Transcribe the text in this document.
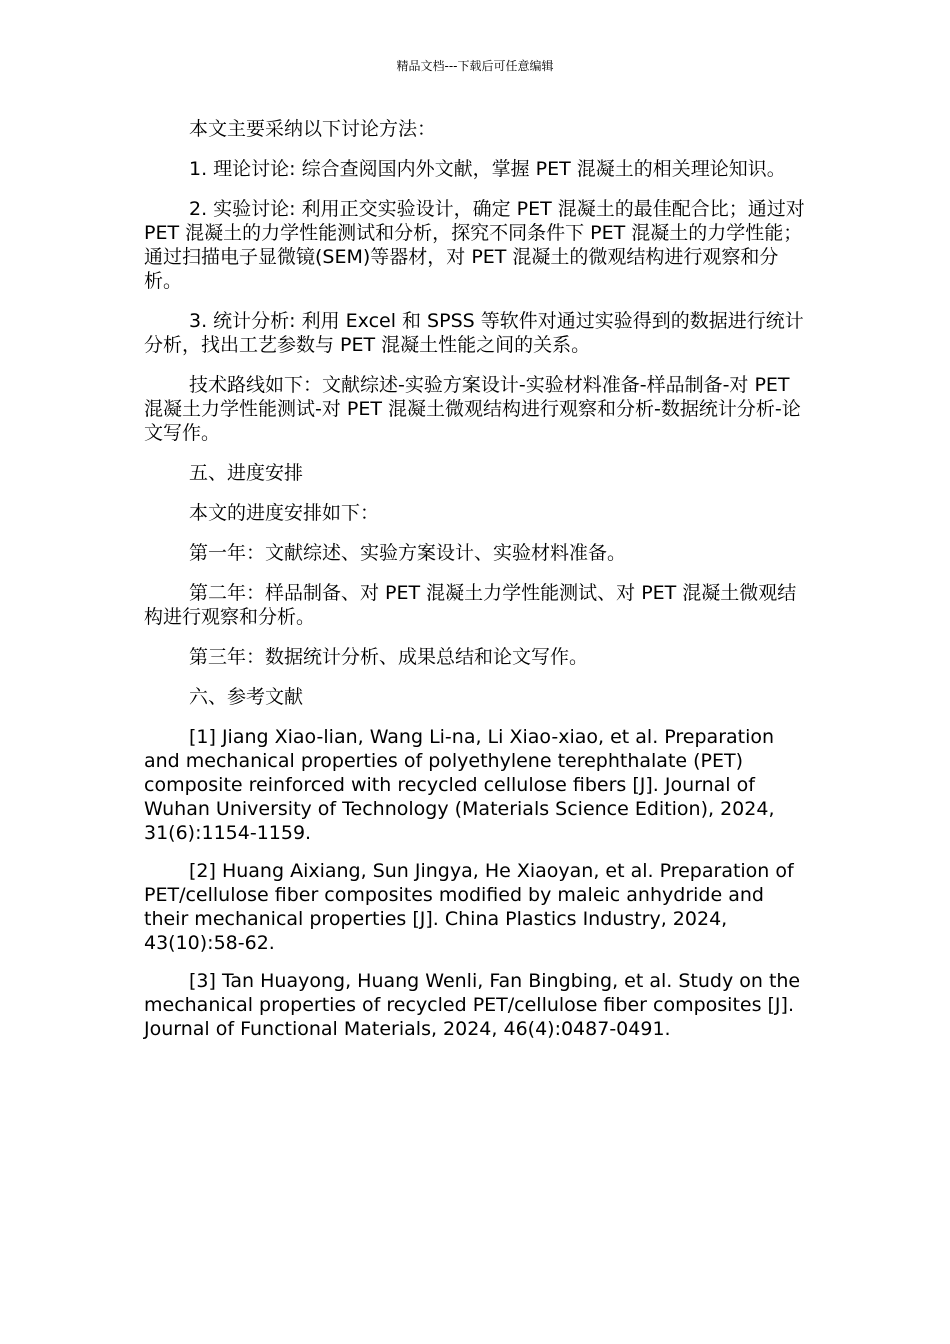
精品文档---下载后可任意编辑

本文主要采纳以下讨论方法：

1. 理论讨论: 综合查阅国内外文献，掌握 PET 混凝土的相关理论知识。

2. 实验讨论: 利用正交实验设计，确定 PET 混凝土的最佳配合比；通过对 PET 混凝土的力学性能测试和分析，探究不同条件下 PET 混凝土的力学性能；通过扫描电子显微镜(SEM)等器材，对 PET 混凝土的微观结构进行观察和分析。

3. 统计分析: 利用 Excel 和 SPSS 等软件对通过实验得到的数据进行统计分析，找出工艺参数与 PET 混凝土性能之间的关系。

技术路线如下：文献综述-实验方案设计-实验材料准备-样品制备-对 PET 混凝土力学性能测试-对 PET 混凝土微观结构进行观察和分析-数据统计分析-论文写作。

五、进度安排

本文的进度安排如下：

第一年：文献综述、实验方案设计、实验材料准备。

第二年：样品制备、对 PET 混凝土力学性能测试、对 PET 混凝土微观结构进行观察和分析。

第三年：数据统计分析、成果总结和论文写作。

六、参考文献

[1] Jiang Xiao-lian, Wang Li-na, Li Xiao-xiao, et al. Preparation and mechanical properties of polyethylene terephthalate (PET) composite reinforced with recycled cellulose fibers [J]. Journal of Wuhan University of Technology (Materials Science Edition), 2024, 31(6):1154-1159.

[2] Huang Aixiang, Sun Jingya, He Xiaoyan, et al. Preparation of PET/cellulose fiber composites modified by maleic anhydride and their mechanical properties [J]. China Plastics Industry, 2024, 43(10):58-62.

[3] Tan Huayong, Huang Wenli, Fan Bingbing, et al. Study on the mechanical properties of recycled PET/cellulose fiber composites [J]. Journal of Functional Materials, 2024, 46(4):0487-0491.
